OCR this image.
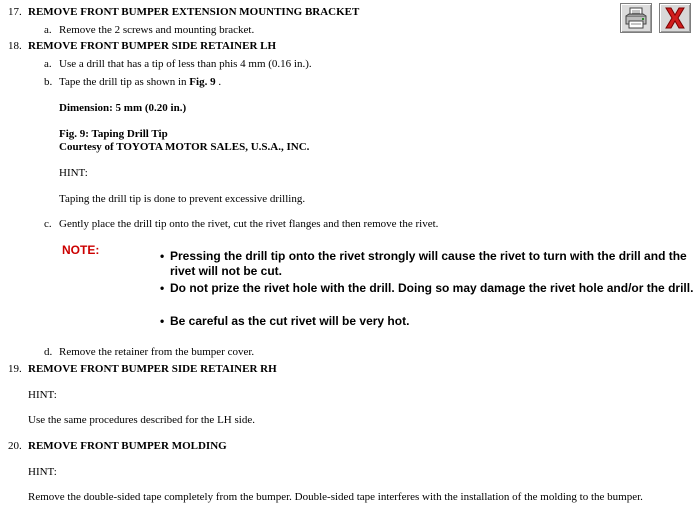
17. REMOVE FRONT BUMPER EXTENSION MOUNTING BRACKET
a. Remove the 2 screws and mounting bracket.
18. REMOVE FRONT BUMPER SIDE RETAINER LH
a. Use a drill that has a tip of less than phis 4 mm (0.16 in.).
b. Tape the drill tip as shown in Fig. 9 .
Dimension: 5 mm (0.20 in.)
Fig. 9: Taping Drill Tip
Courtesy of TOYOTA MOTOR SALES, U.S.A., INC.
HINT:
Taping the drill tip is done to prevent excessive drilling.
c. Gently place the drill tip onto the rivet, cut the rivet flanges and then remove the rivet.
NOTE:	• Pressing the drill tip onto the rivet strongly will cause the rivet to turn with the drill and the rivet will not be cut.
• Do not prize the rivet hole with the drill. Doing so may damage the rivet hole and/or the drill.
• Be careful as the cut rivet will be very hot.
d. Remove the retainer from the bumper cover.
19. REMOVE FRONT BUMPER SIDE RETAINER RH
HINT:
Use the same procedures described for the LH side.
20. REMOVE FRONT BUMPER MOLDING
HINT:
Remove the double-sided tape completely from the bumper. Double-sided tape interferes with the installation of the molding to the bumper.
